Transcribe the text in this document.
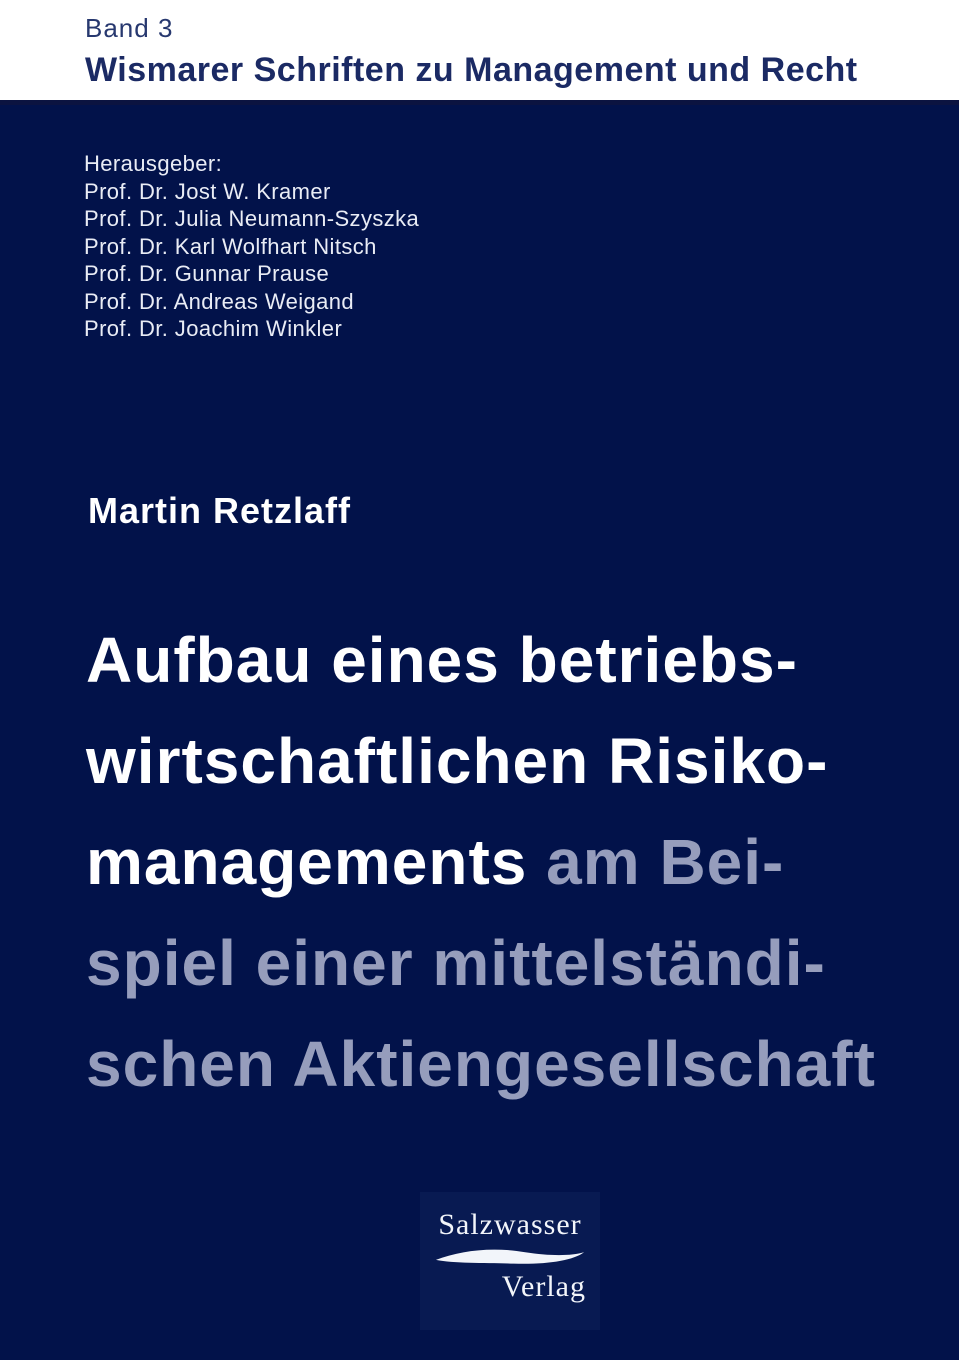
Band 3
Wismarer Schriften zu Management und Recht
Herausgeber:
Prof. Dr. Jost W. Kramer
Prof. Dr. Julia Neumann-Szyszka
Prof. Dr. Karl Wolfhart Nitsch
Prof. Dr. Gunnar Prause
Prof. Dr. Andreas Weigand
Prof. Dr. Joachim Winkler
Martin Retzlaff
Aufbau eines betriebs-
wirtschaftlichen Risiko-
managements am Bei-
spiel einer mittelständi-
schen Aktiengesellschaft
Salzwasser
Verlag
